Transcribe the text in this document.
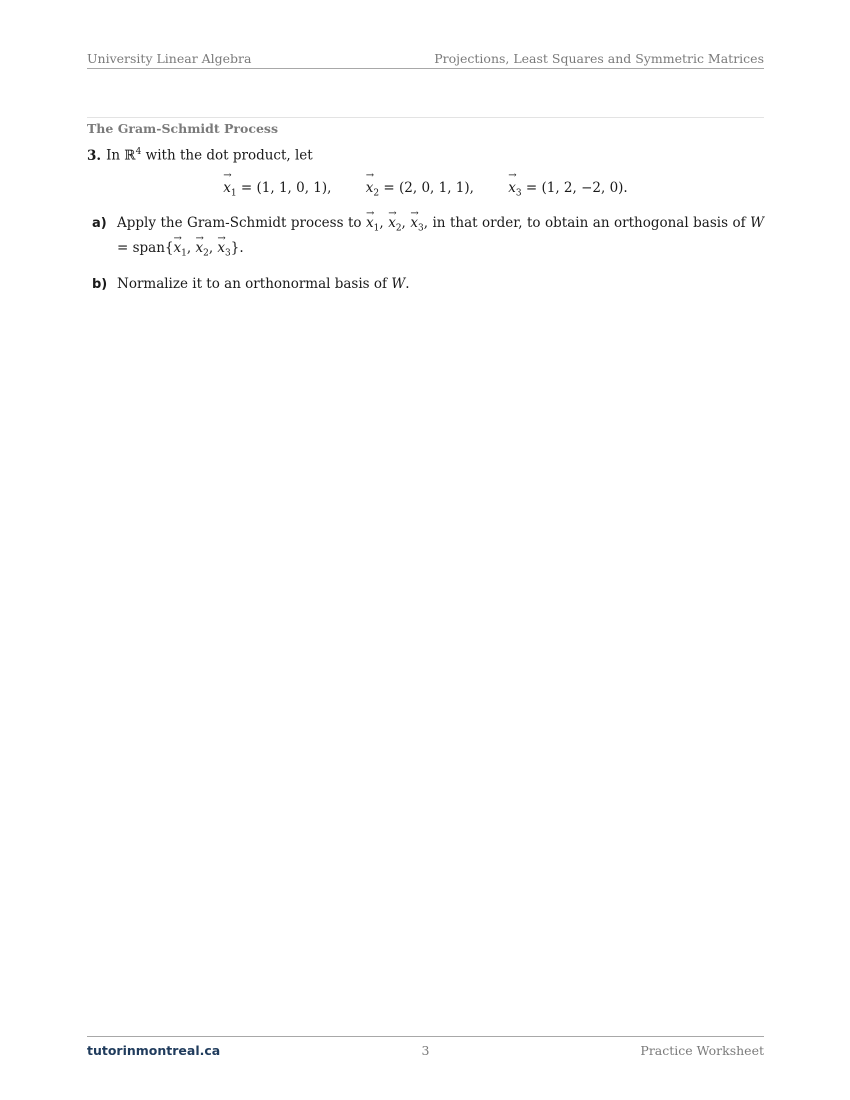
University Linear Algebra	Projections, Least Squares and Symmetric Matrices
The Gram-Schmidt Process
3. In ℝ$^4$ with the dot product, let
→ $x_1 = (1$, 1, 0, 1),	→ $x_2 = (2$, 0, 1, 1),	→ $x_3 = (1$, 2, −2, 0).
a) Apply the Gram-Schmidt process to → $x_1$, → $x_2$, → $x_3$, in that order, to obtain an orthogonal basis of W = span{→ $x_1$, → $x_2$, → $x_3$}.
b) Normalize it to an orthonormal basis of W.
tutorinmontreal.ca	3	Practice Worksheet
